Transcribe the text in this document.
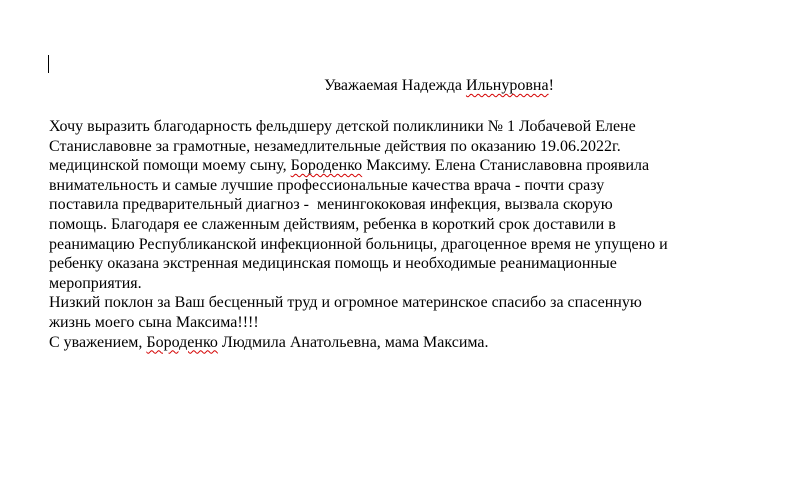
Уважаемая Надежда Ильнуровна!
Хочу выразить благодарность фельдшеру детской поликлиники № 1 Лобачевой Елене
Станиславовне за грамотные, незамедлительные действия по оказанию 19.06.2022г.
медицинской помощи моему сыну, Бороденко Максиму. Елена Станиславовна проявила
внимательность и самые лучшие профессиональные качества врача - почти сразу
поставила предварительный диагноз -  менингококовая инфекция, вызвала скорую
помощь. Благодаря ее слаженным действиям, ребенка в короткий срок доставили в
реанимацию Республиканской инфекционной больницы, драгоценное время не упущено и
ребенку оказана экстренная медицинская помощь и необходимые реанимационные
мероприятия.
Низкий поклон за Ваш бесценный труд и огромное материнское спасибо за спасенную
жизнь моего сына Максима!!!!
С уважением, Бороденко Людмила Анатольевна, мама Максима.
